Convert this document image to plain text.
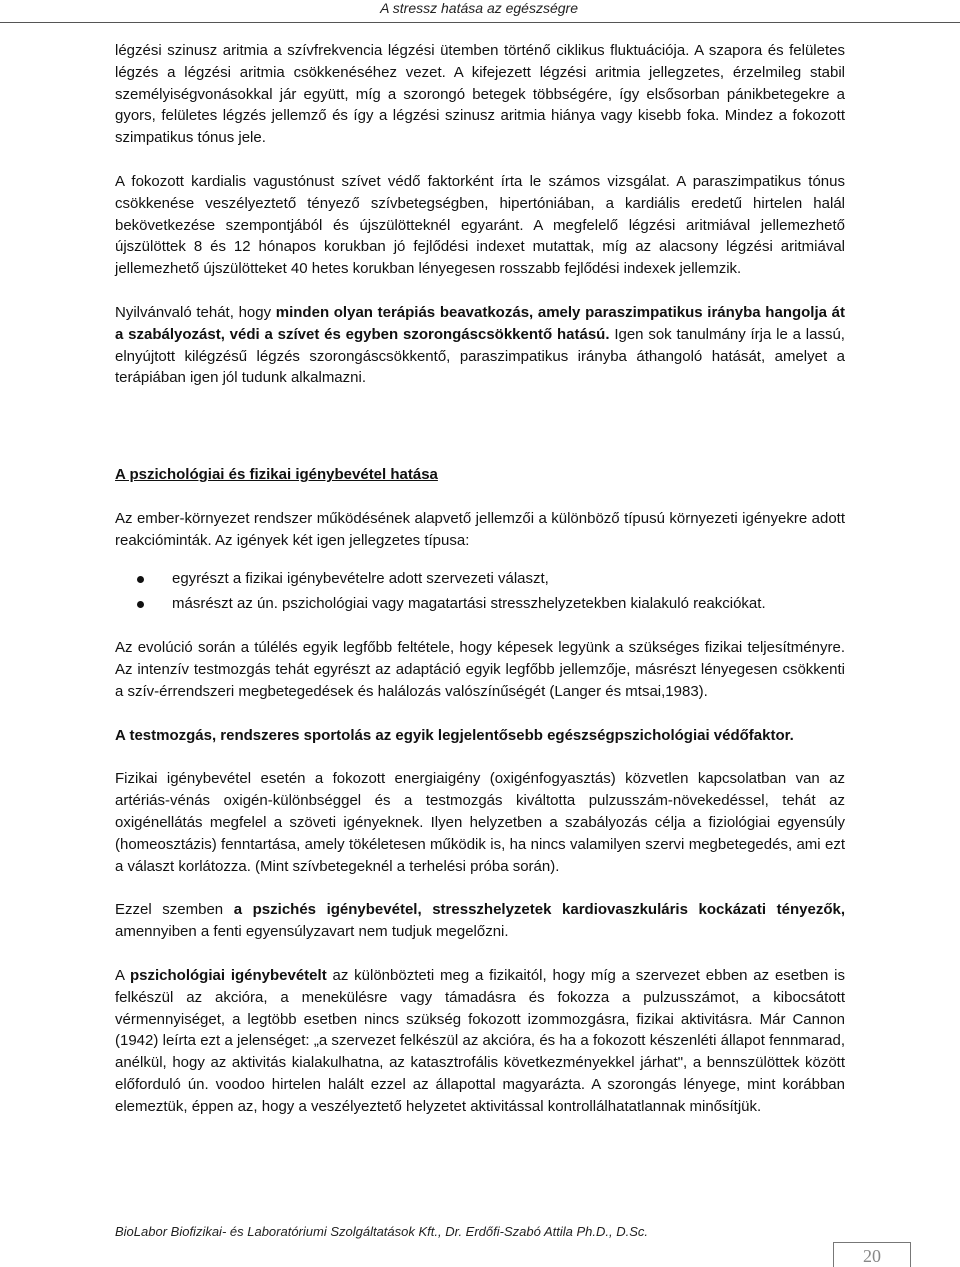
A stressz hatása az egészségre

légzési szinusz aritmia a szívfrekvencia légzési ütemben történő ciklikus fluktuációja. A szapora és felületes légzés a légzési aritmia csökkenéséhez vezet. A kifejezett légzési aritmia jellegzetes, érzelmileg stabil személyiségvonásokkal jár együtt, míg a szorongó betegek többségére, így elsősorban pánikbetegekre a gyors, felületes légzés jellemző és így a légzési szinusz aritmia hiánya vagy kisebb foka. Mindez a fokozott szimpatikus tónus jele.

A fokozott kardialis vagustónust szívet védő faktorként írta le számos vizsgálat. A paraszimpatikus tónus csökkenése veszélyeztető tényező szívbetegségben, hipertóniában, a kardiális eredetű hirtelen halál bekövetkezése szempontjából és újszülötteknél egyaránt. A megfelelő légzési aritmiával jellemezhető újszülöttek 8 és 12 hónapos korukban jó fejlődési indexet mutattak, míg az alacsony légzési aritmiával jellemezhető újszülötteket 40 hetes korukban lényegesen rosszabb fejlődési indexek jellemzik.

Nyilvánvaló tehát, hogy minden olyan terápiás beavatkozás, amely paraszimpatikus irányba hangolja át a szabályozást, védi a szívet és egyben szorongáscsökkentő hatású. Igen sok tanulmány írja le a lassú, elnyújtott kilégzésű légzés szorongáscsökkentő, paraszimpatikus irányba áthangoló hatását, amelyet a terápiában igen jól tudunk alkalmazni.

A pszichológiai és fizikai igénybevétel hatása

Az ember-környezet rendszer működésének alapvető jellemzői a különböző típusú környezeti igényekre adott reakcióminták. Az igények két igen jellegzetes típusa:

egyrészt a fizikai igénybevételre adott szervezeti választ,
másrészt az ún. pszichológiai vagy magatartási stresszhelyzetekben kialakuló reakciókat.

Az evolúció során a túlélés egyik legfőbb feltétele, hogy képesek legyünk a szükséges fizikai teljesítményre. Az intenzív testmozgás tehát egyrészt az adaptáció egyik legfőbb jellemzője, másrészt lényegesen csökkenti a szív-érrendszeri megbetegedések és halálozás valószínűségét (Langer és mtsai,1983).

A testmozgás, rendszeres sportolás az egyik legjelentősebb egészségpszichológiai védőfaktor.

Fizikai igénybevétel esetén a fokozott energiaigény (oxigénfogyasztás) közvetlen kapcsolatban van az artériás-vénás oxigén-különbséggel és a testmozgás kiváltotta pulzusszám-növekedéssel, tehát az oxigénellátás megfelel a szöveti igényeknek. Ilyen helyzetben a szabályozás célja a fiziológiai egyensúly (homeosztázis) fenntartása, amely tökéletesen működik is, ha nincs valamilyen szervi megbetegedés, ami ezt a választ korlátozza. (Mint szívbetegeknél a terhelési próba során).

Ezzel szemben a pszichés igénybevétel, stresszhelyzetek kardiovaszkuláris kockázati tényezők, amennyiben a fenti egyensúlyzavart nem tudjuk megelőzni.

A pszichológiai igénybevételt az különbözteti meg a fizikaitól, hogy míg a szervezet ebben az esetben is felkészül az akcióra, a menekülésre vagy támadásra és fokozza a pulzusszámot, a kibocsátott vérmennyiséget, a legtöbb esetben nincs szükség fokozott izommozgásra, fizikai aktivitásra. Már Cannon (1942) leírta ezt a jelenséget: „a szervezet felkészül az akcióra, és ha a fokozott készenléti állapot fennmarad, anélkül, hogy az aktivitás kialakulhatna, az katasztrofális következményekkel járhat", a bennszülöttek között előforduló ún. voodoo hirtelen halált ezzel az állapottal magyarázta. A szorongás lényege, mint korábban elemeztük, éppen az, hogy a veszélyeztető helyzetet aktivitással kontrollálhatatlannak minősítjük.

BioLabor Biofizikai- és Laboratóriumi Szolgáltatások Kft., Dr. Erdőfi-Szabó Attila Ph.D., D.Sc.
20
